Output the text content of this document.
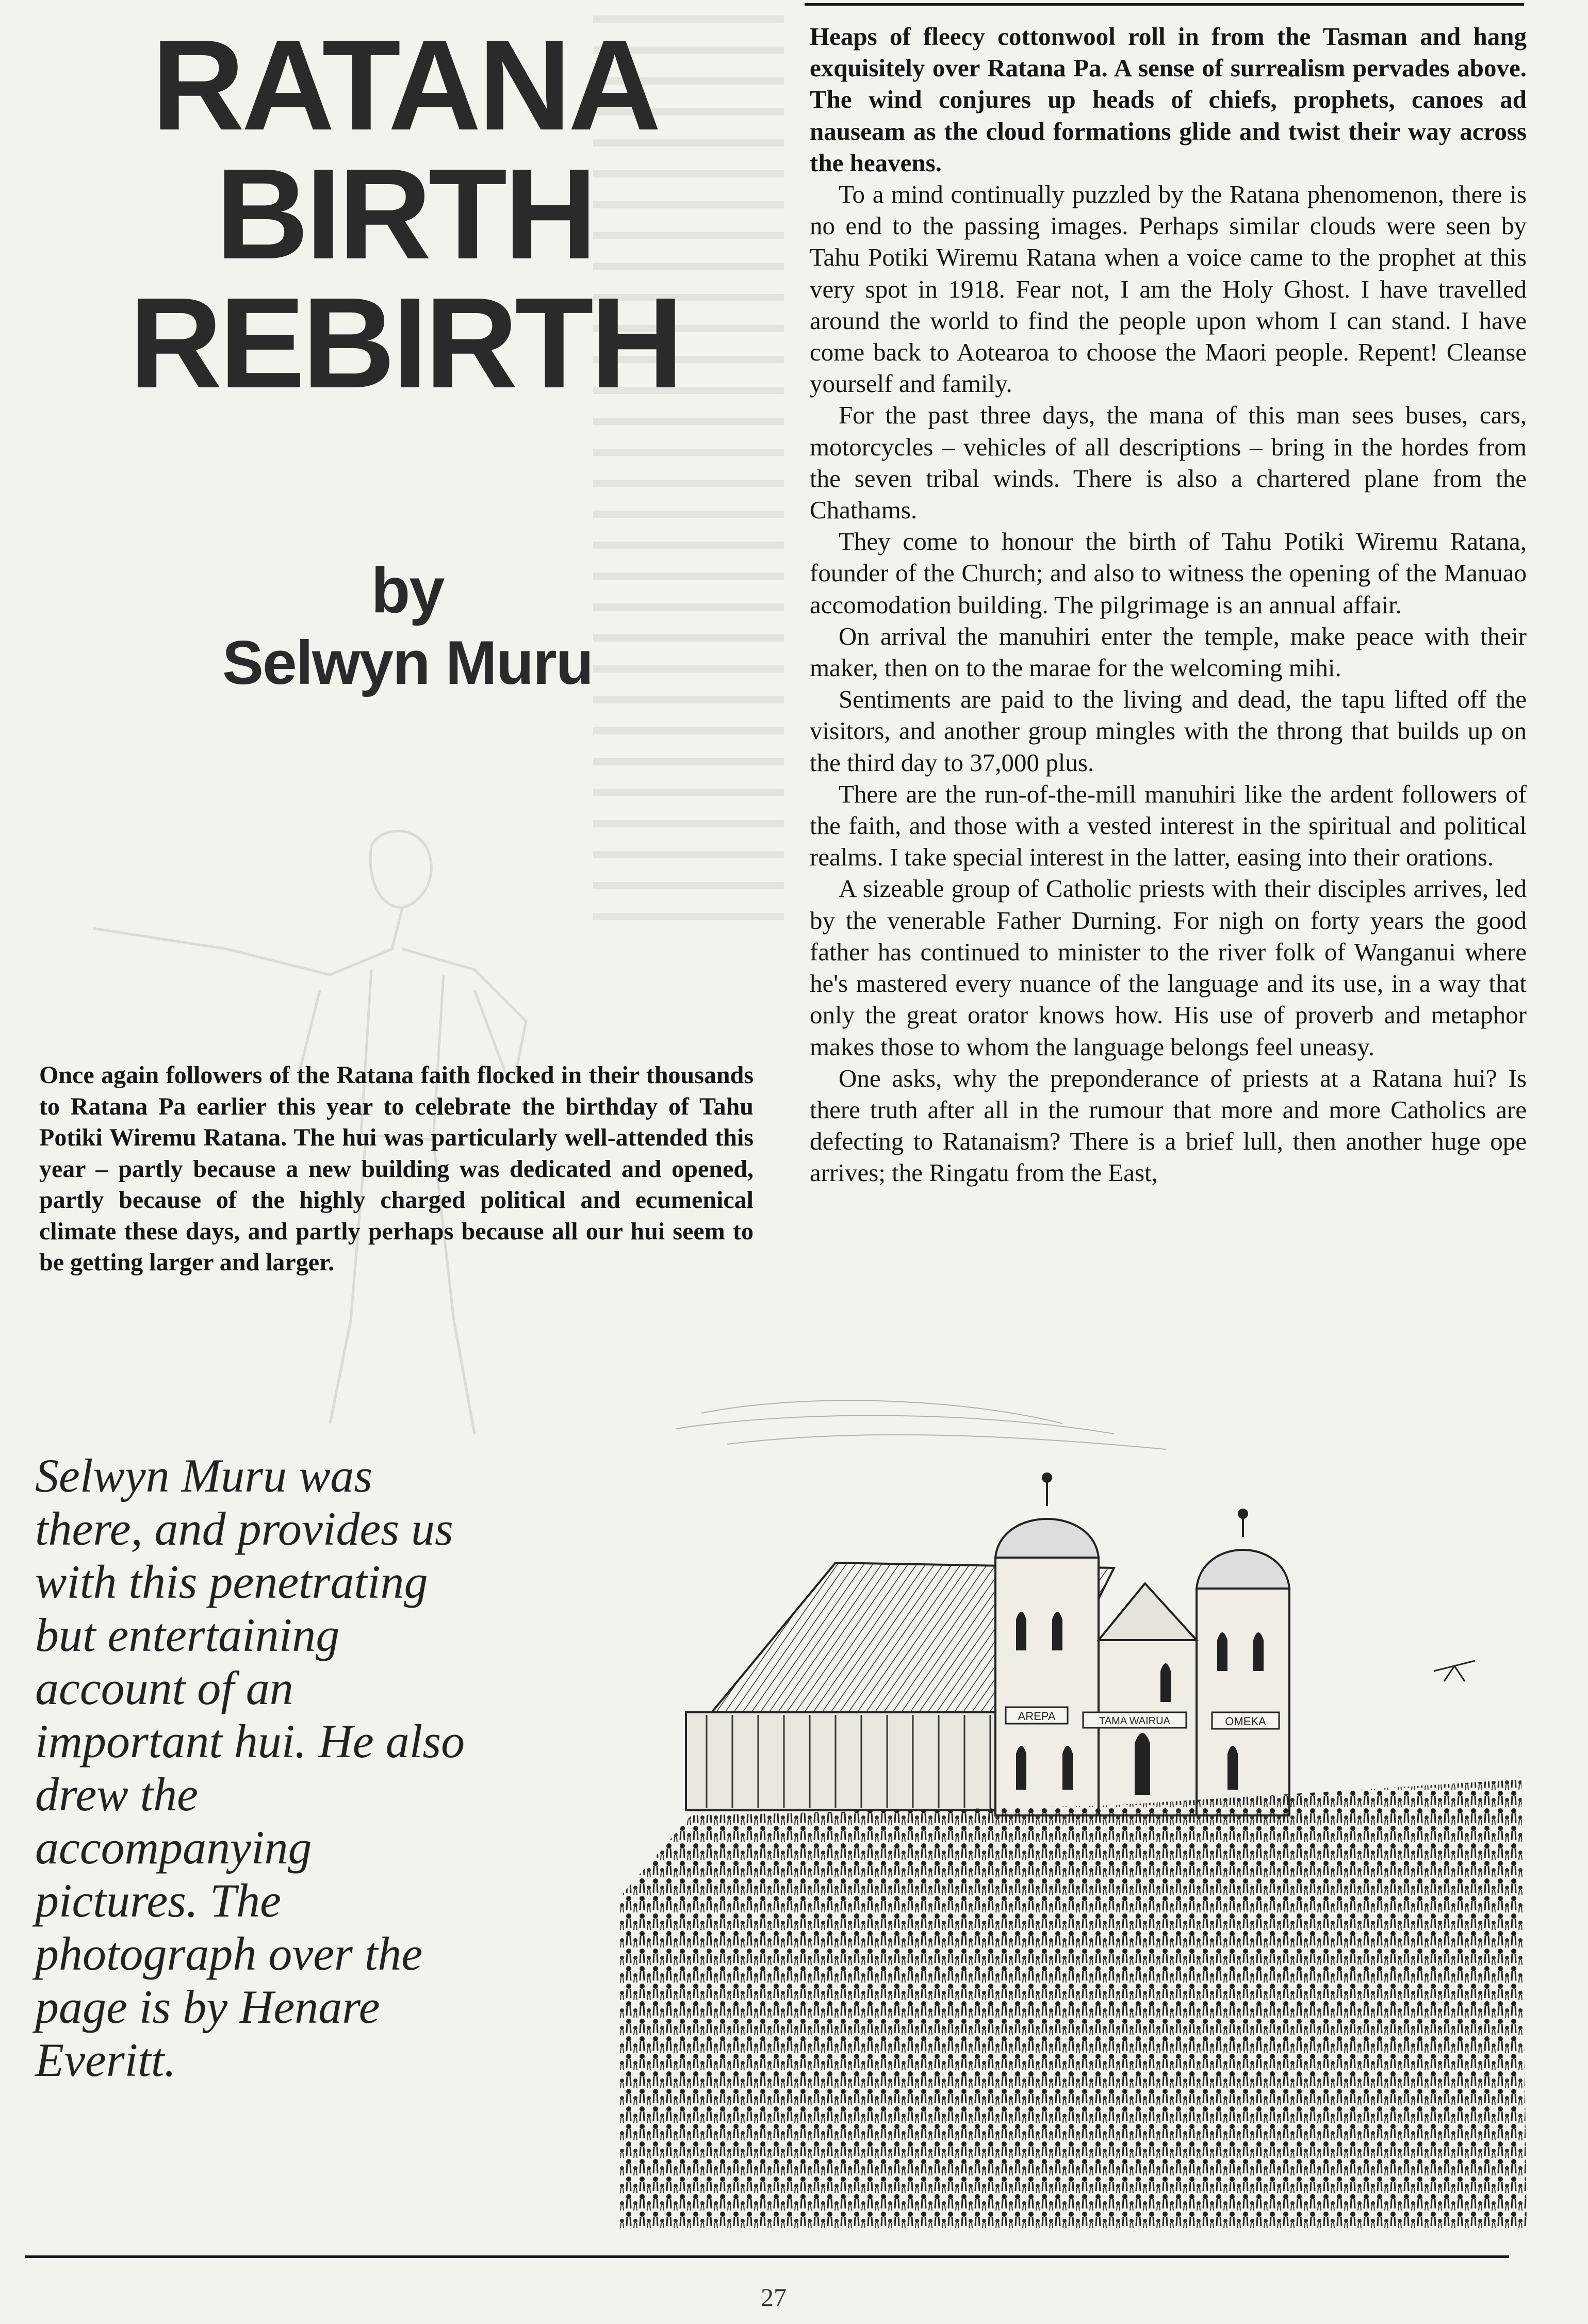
RATANA
BIRTH
REBIRTH
by
Selwyn Muru

Once again followers of the Ratana faith flocked in their thousands to Ratana Pa earlier this year to celebrate the birthday of Tahu Potiki Wiremu Ratana. The hui was particularly well-attended this year – partly because a new building was dedicated and opened, partly because of the highly charged political and ecumenical climate these days, and partly perhaps because all our hui seem to be getting larger and larger.

Selwyn Muru was
there, and provides us
with this penetrating
but entertaining
account of an
important hui. He also
drew the
accompanying
pictures. The
photograph over the
page is by Henare
Everitt.

Heaps of fleecy cottonwool roll in from the Tasman and hang exquisitely over Ratana Pa. A sense of surrealism pervades above. The wind conjures up heads of chiefs, prophets, canoes ad nauseam as the cloud formations glide and twist their way across the heavens.

To a mind continually puzzled by the Ratana phenomenon, there is no end to the passing images. Perhaps similar clouds were seen by Tahu Potiki Wiremu Ratana when a voice came to the prophet at this very spot in 1918. Fear not, I am the Holy Ghost. I have travelled around the world to find the people upon whom I can stand. I have come back to Aotearoa to choose the Maori people. Repent! Cleanse yourself and family.

For the past three days, the mana of this man sees buses, cars, motorcycles – vehicles of all descriptions – bring in the hordes from the seven tribal winds. There is also a chartered plane from the Chathams.

They come to honour the birth of Tahu Potiki Wiremu Ratana, founder of the Church; and also to witness the opening of the Manuao accomodation building. The pilgrimage is an annual affair.

On arrival the manuhiri enter the temple, make peace with their maker, then on to the marae for the welcoming mihi.

Sentiments are paid to the living and dead, the tapu lifted off the visitors, and another group mingles with the throng that builds up on the third day to 37,000 plus.

There are the run-of-the-mill manuhiri like the ardent followers of the faith, and those with a vested interest in the spiritual and political realms. I take special interest in the latter, easing into their orations.

A sizeable group of Catholic priests with their disciples arrives, led by the venerable Father Durning. For nigh on forty years the good father has continued to minister to the river folk of Wanganui where he's mastered every nuance of the language and its use, in a way that only the great orator knows how. His use of proverb and metaphor makes those to whom the language belongs feel uneasy.

One asks, why the preponderance of priests at a Ratana hui? Is there truth after all in the rumour that more and more Catholics are defecting to Ratanaism? There is a brief lull, then another huge ope arrives; the Ringatu from the East,

AREPA	TAMA WAIRUA	OMEKA
27
